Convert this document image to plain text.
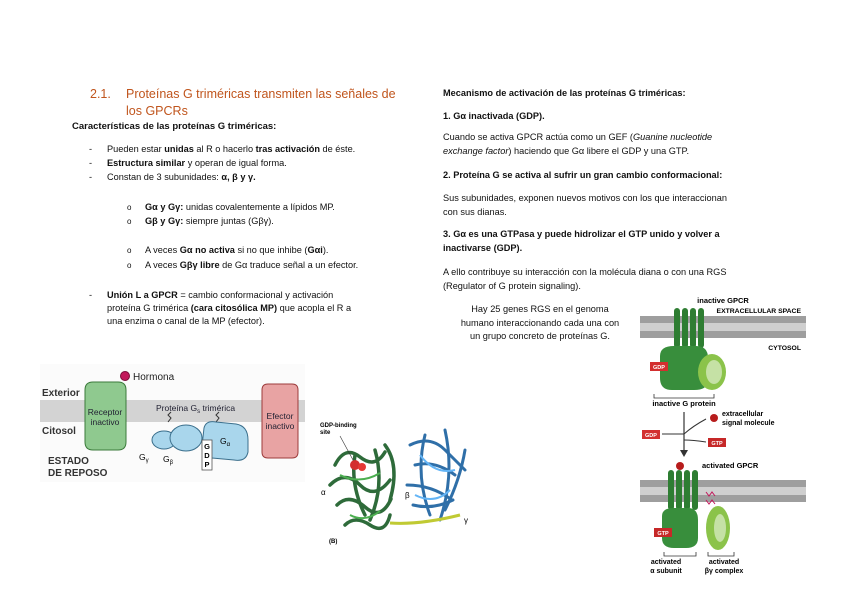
2.1. Proteínas G triméricas transmiten las señales de
los GPCRs
Características de las proteínas G triméricas:
- Pueden estar unidas al R o hacerlo tras activación de éste.
- Estructura similar y operan de igual forma.
- Constan de 3 subunidades: α, β y γ.
o Gα y Gγ: unidas covalentemente a lípidos MP.
o Gβ y Gγ: siempre juntas (Gβγ).
o A veces Gα no activa si no que inhibe (Gαi).
o A veces Gβγ libre de Gα traduce señal a un efector.
- Unión L a GPCR = cambio conformacional y activación
proteína G trimérica (cara citosólica MP) que acopla el R a
una enzima o canal de la MP (efector).
Mecanismo de activación de las proteínas G triméricas:
1. Gα inactivada (GDP).
Cuando se activa GPCR actúa como un GEF (Guanine nucleotide
exchange factor) haciendo que Gα libere el GDP y una GTP.
2. Proteína G se activa al sufrir un gran cambio conformacional:
Sus subunidades, exponen nuevos motivos con los que interaccionan
con sus dianas.
3. Gα es una GTPasa y puede hidrolizar el GTP unido y volver a
inactivarse (GDP).
A ello contribuye su interacción con la molécula diana o con una RGS
(Regulator of G protein signaling).
Hay 25 genes RGS en el genoma
humano interaccionando cada una con
un grupo concreto de proteínas G.
Hormona
Exterior
Citosol
Receptor
inactivo
Proteína $G_s$ trimérica
G
D
P
$G_\gamma$ $G_\beta$
$G_\alpha$
Efector
inactivo
ESTADO
DE REPOSO
GDP-binding
site
α	β
γ
(B)
inactive GPCR
EXTRACELLULAR SPACE
CYTOSOL
GDP
inactive G protein
extracellular
signal molecule
GDP
GTP
activated GPCR
GTP
activated
α subunit
activated
βγ complex
